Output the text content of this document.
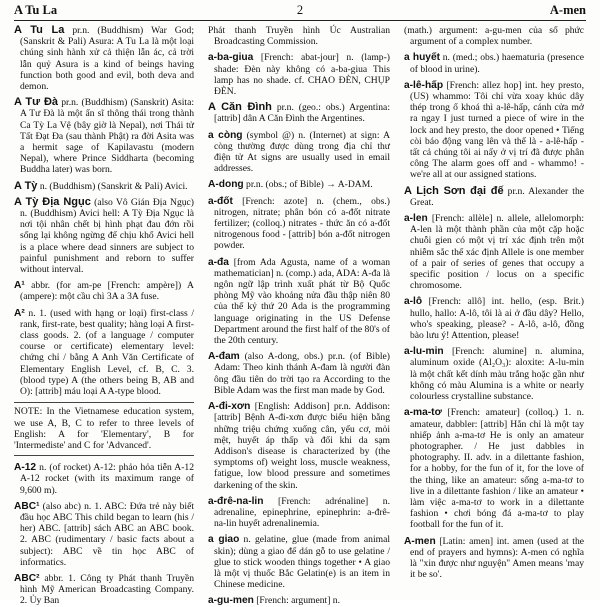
A Tu La	2	A-men

A Tu La pr.n. (Buddhism) War God; (Sanskrit & Pali) Asura: A Tu La là một loại chúng sinh hành xử cả thiện lẫn ác, cả trời lẫn quỷ Asura is a kind of beings having function both good and evil, both deva and demon.

A Tư Đà pr.n. (Buddhism) (Sanskrit) Asita: A Tư Đà là một ẩn sĩ thông thái trong thành Ca Tỳ La Vệ (bây giờ là Nepal), nơi Thái tử Tất Đạt Đa (sau thành Phật) ra đời Asita was a hermit sage of Kapilavastu (modern Nepal), where Prince Siddharta (becoming Buddha later) was born.

A Tỳ n. (Buddhism) (Sanskrit & Pali) Avici.

A Tỳ Địa Ngục (also Vô Gián Địa Ngục) n. (Buddhism) Avici hell: A Tỳ Địa Ngục là nơi tội nhân chết bị hình phạt đau đớn rồi sống lại không ngừng để chịu khổ Avici hell is a place where dead sinners are subject to painful punishment and reborn to suffer without interval.

A¹ abbr. (for am-pe [French: ampère]) A (ampere): một cầu chì 3A a 3A fuse.

A² n. 1. (used with hạng or loại) first-class / rank, first-rate, best quality; hàng loại A first-class goods. 2. (of a language / computer course or certificate) elementary level: chứng chỉ / bằng A Anh Văn Certificate of Elementary English Level, cf. B, C. 3. (blood type) A (the others being B, AB and O): [attrib] máu loại A A-type blood.

NOTE: In the Vietnamese education system, we use A, B, C to refer to three levels of English: A for 'Elementary', B for 'Intermediste' and C for 'Advanced'.

A-12 n. (of rocket) A-12: phảo hỏa tiễn A-12 A-12 rocket (with its maximum range of 9,600 m).

ABC¹ (also abc) n. 1. ABC: Đứa trẻ này biết đầu học ABC This child began to learn (his / her) ABC. [attrib] sách ABC an ABC book. 2. ABC (rudimentary / basic facts about a subject): ABC về tin học ABC of informatics.

ABC² abbr. 1. Công ty Phát thanh Truyền hình Mỹ American Broadcasting Company. 2. Ủy Ban

Phát thanh Truyền hình Úc Australian Broadcasting Commission.

a-ba-giua [French: abat-jour] n. (lamp-) shade: Đèn này không có a-ba-giua This lamp has no shade. cf. CHAO ĐÈN, CHỤP ĐÈN.

A Căn Đình pr.n. (geo.: obs.) Argentina: [attrib] dân A Căn Đình the Argentines.

a còng (symbol @) n. (Internet) at sign: A còng thường được dùng trong địa chỉ thư điện tử At signs are usually used in email addresses.

A-dong pr.n. (obs.; of Bible) → A-DAM.

a-đốt [French: azote] n. (chem., obs.) nitrogen, nitrate; phân bón có a-đốt nitrate fertilizer; (colloq.) nitrates - thức ăn có a-đốt nitrogenous food - [attrib] bón a-đốt nitrogen powder.

a-đa [from Ada Agusta, name of a woman mathematician] n. (comp.) ada, ADA: A-đa là ngôn ngữ lập trình xuất phát từ Bộ Quốc phòng Mỹ vào khoảng nửa đầu thập niên 80 của thế kỷ thứ 20 Ada is the programming language originating in the US Defense Department around the first half of the 80's of the 20th century.

A-đam (also A-dong, obs.) pr.n. (of Bible) Adam: Theo kinh thánh A-đam là người đàn ông đầu tiên do trời tạo ra According to the Bible Adam was the first man made by God.

A-đi-xơn [English: Addison] pr.n. Addison: [attrib] Bệnh A-đi-xơn được biểu hiện bằng những triệu chứng xuống cân, yếu cơ, mỏi mệt, huyết áp thấp và đổi khi da sạm Addison's disease is characterized by (the symptoms of) weight loss, muscle weakness, fatigue, low blood pressure and sometimes darkening of the skin.

a-đrê-na-lin [French: adrénaline] n. adrenaline, epinephrine, epinephrin: a-đrê-na-lin huyết adrenalinemia.

a giao n. gelatine, glue (made from animal skin); dùng a giao để dán gỗ to use gelatine / glue to stick wooden things together • A giao là một vị thuốc Bắc Gelatin(e) is an item in Chinese medicine.

a-gu-men [French: argument] n.

(math.) argument: a-gu-men của số phức argument of a complex number.

a huyết n. (med.; obs.) haematuria (presence of blood in urine).

a-lê-hấp [French: allez hop] int. hey presto, (US) whammo: Tôi chỉ vừa xoay khúc dây thép trong ổ khoá thì a-lê-hấp, cánh cửa mở ra ngay I just turned a piece of wire in the lock and hey presto, the door opened • Tiếng còi báo động vang lên và thế là - a-lê-hấp - tất cả chúng tôi ai nấy ở vị trí đã được phân công The alarm goes off and - whammo! - we're all at our assigned stations.

A Lịch Sơn đại đế pr.n. Alexander the Great.

a-len [French: allèle] n. allele, allelomorph: A-len là một thành phần của một cặp hoặc chuỗi gien có một vị trí xác định trên một nhiễm sắc thể xác định Allele is one member of a pair of series of genes that occupy a specific position / locus on a specific chromosome.

a-lô [French: allô] int. hello, (esp. Brit.) hullo, hallo: A-lô, tôi là ai ở đầu dây? Hello, who's speaking, please? - A-lô, a-lô, đồng bào lưu ý! Attention, please!

a-lu-min [French: alumine] n. alumina, aluminum oxide (Al₂O₃): aloxite: A-lu-min là một chất kết dính màu trắng hoặc gần như không có màu Alumina is a white or nearly colourless crystalline substance.

a-ma-tơ [French: amateur] (colloq.) 1. n. amateur, dabbler: [attrib] Hắn chỉ là một tay nhiếp ảnh a-ma-tơ He is only an amateur photographer. / He just dabbles in photography. II. adv. in a dilettante fashion, for a hobby, for the fun of it, for the love of the thing, like an amateur: sống a-ma-tơ to live in a dilettante fashion / like an amateur • làm việc a-ma-tơ to work in a dilettante fashion • chơi bóng đá a-ma-tơ to play football for the fun of it.

A-men [Latin: amen] int. amen (used at the end of prayers and hymns): A-men có nghĩa là "xin được như nguyện" Amen means 'may it be so'.
